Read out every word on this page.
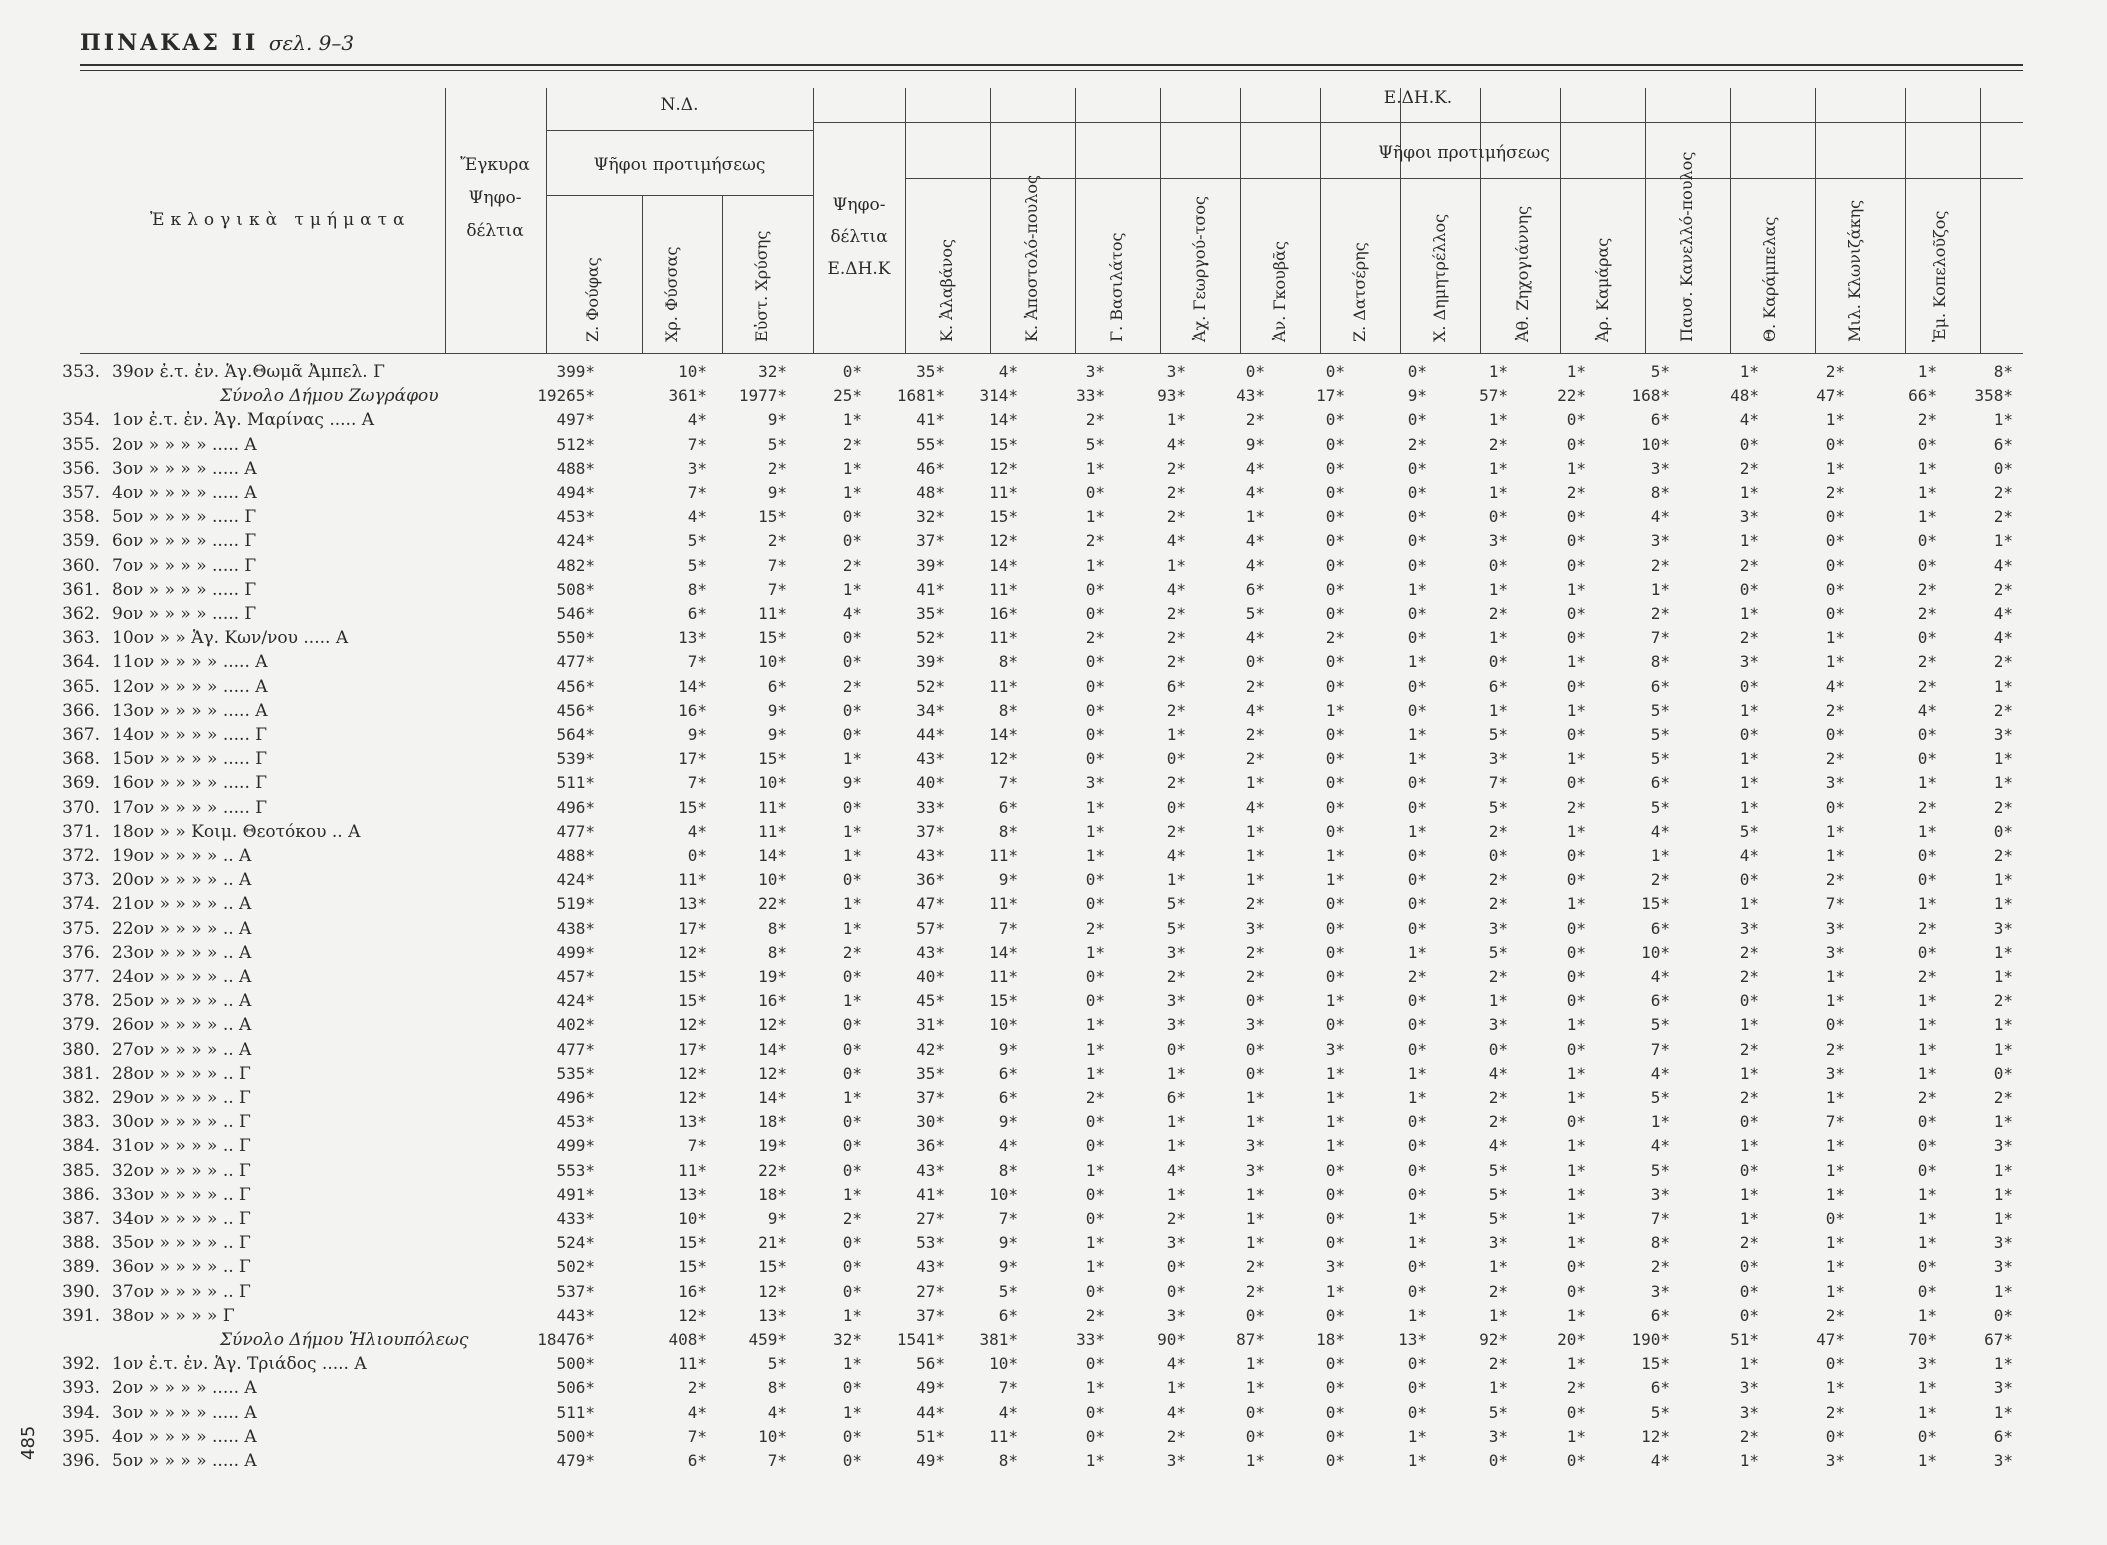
ΠΙΝΑΚΑΣ ΙΙ σελ. 9–3
Ἐκλογικὰ τμήματα
Ἔγκυρα
Ψηφο-
δέλτια
Ν.Δ.	Ε.ΔΗ.Κ.
Ψῆφοι προτιμήσεως
Ψῆφοι προτιμήσεως
Ψηφο-
δέλτια
Ε.ΔΗ.Κ
Ζ. Φούφας	Χρ. Φύσσας	Εὐστ. Χρύσης	Κ. Ἀλαβάνος	Κ. Ἀποστολό-πουλος	Γ. Βασιλάτος	Ἀχ. Γεωργού-τσος	Ἀν. Γκουβᾶς	Ζ. Δατσέρης	Χ. Δημητρέλλος	Ἀθ. Ζηχογιάννης	Ἀρ. Καμάρας	Παυσ. Κανελλό-πουλος	Θ. Καράμπελας	Μιλ. Κλωνιζάκης	Ἐμ. Κοπελοῦζος
353. 39ον ἐ.τ. ἐν. Ἁγ.Θωμᾶ Ἀμπελ. Γ	399*	10*	32*	0*	35*	4*	3*	3*	0*	0*	0*	1*	1*	5*	1*	2*	1*	8*
Σύνολο Δήμου Ζωγράφου	19265*	361*	1977*	25*	1681*	314*	33*	93*	43*	17*	9*	57*	22*	168*	48*	47*	66*	358*
354. 1ον ἐ.τ. ἐν. Ἁγ. Μαρίνας ..... Α	497*	4*	9*	1*	41*	14*	2*	1*	2*	0*	0*	1*	0*	6*	4*	1*	2*	1*
355. 2ον » » » » ..... Α	512*	7*	5*	2*	55*	15*	5*	4*	9*	0*	2*	2*	0*	10*	0*	0*	0*	6*
356. 3ον » » » » ..... Α	488*	3*	2*	1*	46*	12*	1*	2*	4*	0*	0*	1*	1*	3*	2*	1*	1*	0*
357. 4ον » » » » ..... Α	494*	7*	9*	1*	48*	11*	0*	2*	4*	0*	0*	1*	2*	8*	1*	2*	1*	2*
358. 5ον » » » » ..... Γ	453*	4*	15*	0*	32*	15*	1*	2*	1*	0*	0*	0*	0*	4*	3*	0*	1*	2*
359. 6ον » » » » ..... Γ	424*	5*	2*	0*	37*	12*	2*	4*	4*	0*	0*	3*	0*	3*	1*	0*	0*	1*
360. 7ον » » » » ..... Γ	482*	5*	7*	2*	39*	14*	1*	1*	4*	0*	0*	0*	0*	2*	2*	0*	0*	4*
361. 8ον » » » » ..... Γ	508*	8*	7*	1*	41*	11*	0*	4*	6*	0*	1*	1*	1*	1*	0*	0*	2*	2*
362. 9ον » » » » ..... Γ	546*	6*	11*	4*	35*	16*	0*	2*	5*	0*	0*	2*	0*	2*	1*	0*	2*	4*
363. 10ον » » Ἁγ. Κων/νου ..... Α	550*	13*	15*	0*	52*	11*	2*	2*	4*	2*	0*	1*	0*	7*	2*	1*	0*	4*
364. 11ον » » » » ..... Α	477*	7*	10*	0*	39*	8*	0*	2*	0*	0*	1*	0*	1*	8*	3*	1*	2*	2*
365. 12ον » » » » ..... Α	456*	14*	6*	2*	52*	11*	0*	6*	2*	0*	0*	6*	0*	6*	0*	4*	2*	1*
366. 13ον » » » » ..... Α	456*	16*	9*	0*	34*	8*	0*	2*	4*	1*	0*	1*	1*	5*	1*	2*	4*	2*
367. 14ον » » » » ..... Γ	564*	9*	9*	0*	44*	14*	0*	1*	2*	0*	1*	5*	0*	5*	0*	0*	0*	3*
368. 15ον » » » » ..... Γ	539*	17*	15*	1*	43*	12*	0*	0*	2*	0*	1*	3*	1*	5*	1*	2*	0*	1*
369. 16ον » » » » ..... Γ	511*	7*	10*	9*	40*	7*	3*	2*	1*	0*	0*	7*	0*	6*	1*	3*	1*	1*
370. 17ον » » » » ..... Γ	496*	15*	11*	0*	33*	6*	1*	0*	4*	0*	0*	5*	2*	5*	1*	0*	2*	2*
371. 18ον » » Κοιμ. Θεοτόκου .. Α	477*	4*	11*	1*	37*	8*	1*	2*	1*	0*	1*	2*	1*	4*	5*	1*	1*	0*
372. 19ον » » » » .. Α	488*	0*	14*	1*	43*	11*	1*	4*	1*	1*	0*	0*	0*	1*	4*	1*	0*	2*
373. 20ον » » » » .. Α	424*	11*	10*	0*	36*	9*	0*	1*	1*	1*	0*	2*	0*	2*	0*	2*	0*	1*
374. 21ον » » » » .. Α	519*	13*	22*	1*	47*	11*	0*	5*	2*	0*	0*	2*	1*	15*	1*	7*	1*	1*
375. 22ον » » » » .. Α	438*	17*	8*	1*	57*	7*	2*	5*	3*	0*	0*	3*	0*	6*	3*	3*	2*	3*
376. 23ον » » » » .. Α	499*	12*	8*	2*	43*	14*	1*	3*	2*	0*	1*	5*	0*	10*	2*	3*	0*	1*
377. 24ον » » » » .. Α	457*	15*	19*	0*	40*	11*	0*	2*	2*	0*	2*	2*	0*	4*	2*	1*	2*	1*
378. 25ον » » » » .. Α	424*	15*	16*	1*	45*	15*	0*	3*	0*	1*	0*	1*	0*	6*	0*	1*	1*	2*
379. 26ον » » » » .. Α	402*	12*	12*	0*	31*	10*	1*	3*	3*	0*	0*	3*	1*	5*	1*	0*	1*	1*
380. 27ον » » » » .. Α	477*	17*	14*	0*	42*	9*	1*	0*	0*	3*	0*	0*	0*	7*	2*	2*	1*	1*
381. 28ον » » » » .. Γ	535*	12*	12*	0*	35*	6*	1*	1*	0*	1*	1*	4*	1*	4*	1*	3*	1*	0*
382. 29ον » » » » .. Γ	496*	12*	14*	1*	37*	6*	2*	6*	1*	1*	1*	2*	1*	5*	2*	1*	2*	2*
383. 30ον » » » » .. Γ	453*	13*	18*	0*	30*	9*	0*	1*	1*	1*	0*	2*	0*	1*	0*	7*	0*	1*
384. 31ον » » » » .. Γ	499*	7*	19*	0*	36*	4*	0*	1*	3*	1*	0*	4*	1*	4*	1*	1*	0*	3*
385. 32ον » » » » .. Γ	553*	11*	22*	0*	43*	8*	1*	4*	3*	0*	0*	5*	1*	5*	0*	1*	0*	1*
386. 33ον » » » » .. Γ	491*	13*	18*	1*	41*	10*	0*	1*	1*	0*	0*	5*	1*	3*	1*	1*	1*	1*
387. 34ον » » » » .. Γ	433*	10*	9*	2*	27*	7*	0*	2*	1*	0*	1*	5*	1*	7*	1*	0*	1*	1*
388. 35ον » » » » .. Γ	524*	15*	21*	0*	53*	9*	1*	3*	1*	0*	1*	3*	1*	8*	2*	1*	1*	3*
389. 36ον » » » » .. Γ	502*	15*	15*	0*	43*	9*	1*	0*	2*	3*	0*	1*	0*	2*	0*	1*	0*	3*
390. 37ον » » » » .. Γ	537*	16*	12*	0*	27*	5*	0*	0*	2*	1*	0*	2*	0*	3*	0*	1*	0*	1*
391. 38ον » » » » Γ	443*	12*	13*	1*	37*	6*	2*	3*	0*	0*	1*	1*	1*	6*	0*	2*	1*	0*
Σύνολο Δήμου Ἡλιουπόλεως	18476*	408*	459*	32*	1541*	381*	33*	90*	87*	18*	13*	92*	20*	190*	51*	47*	70*	67*
392. 1ον ἐ.τ. ἐν. Ἁγ. Τριάδος ..... Α	500*	11*	5*	1*	56*	10*	0*	4*	1*	0*	0*	2*	1*	15*	1*	0*	3*	1*
393. 2ον » » » » ..... Α	506*	2*	8*	0*	49*	7*	1*	1*	1*	0*	0*	1*	2*	6*	3*	1*	1*	3*
394. 3ον » » » » ..... Α	511*	4*	4*	1*	44*	4*	0*	4*	0*	0*	0*	5*	0*	5*	3*	2*	1*	1*
395. 4ον » » » » ..... Α	500*	7*	10*	0*	51*	11*	0*	2*	0*	0*	1*	3*	1*	12*	2*	0*	0*	6*
396. 5ον » » » » ..... Α	479*	6*	7*	0*	49*	8*	1*	3*	1*	0*	1*	0*	0*	4*	1*	3*	1*	3*
485
